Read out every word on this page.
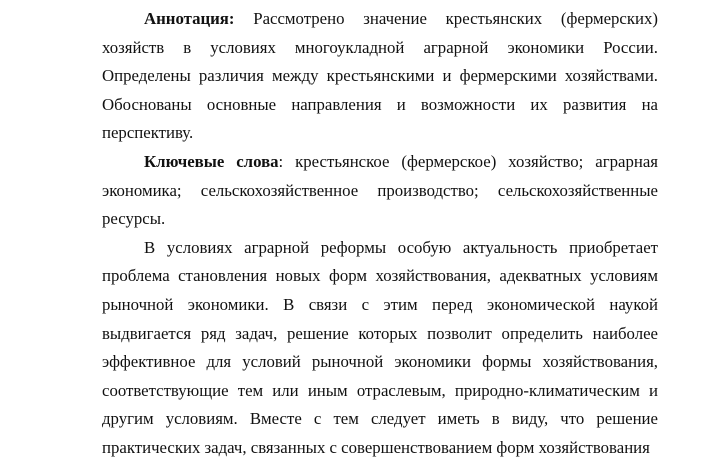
Аннотация: Рассмотрено значение крестьянских (фермерских) хозяйств в условиях многоукладной аграрной экономики России. Определены различия между крестьянскими и фермерскими хозяйствами. Обоснованы основные направления и возможности их развития на перспективу.

Ключевые слова: крестьянское (фермерское) хозяйство; аграрная экономика; сельскохозяйственное производство; сельскохозяйственные ресурсы.

В условиях аграрной реформы особую актуальность приобретает проблема становления новых форм хозяйствования, адекватных условиям рыночной экономики. В связи с этим перед экономической наукой выдвигается ряд задач, решение которых позволит определить наиболее эффективное для условий рыночной экономики формы хозяйствования, соответствующие тем или иным отраслевым, природно-климатическим и другим условиям. Вместе с тем следует иметь в виду, что решение практических задач, связанных с совершенствованием форм хозяйствования
